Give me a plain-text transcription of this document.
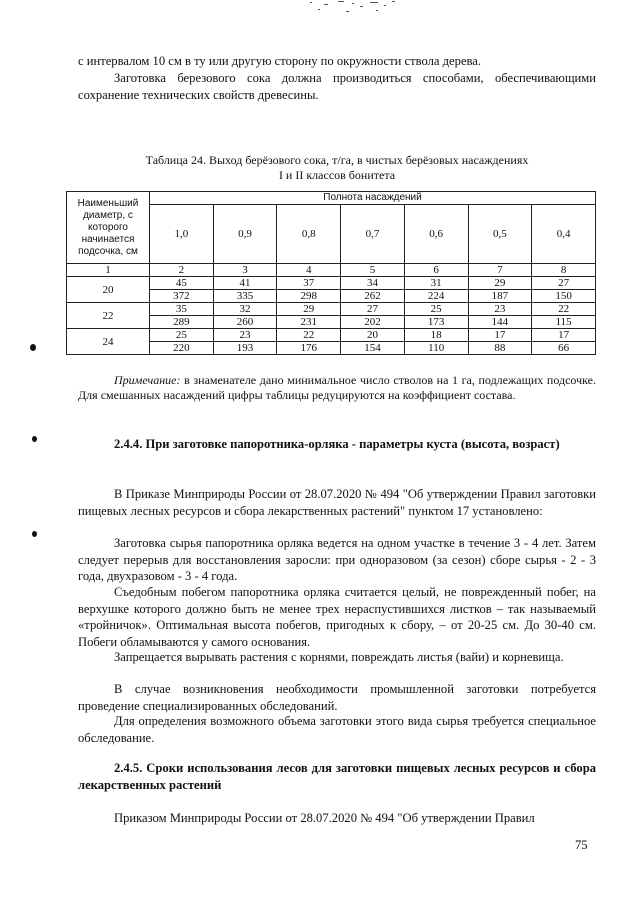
с интервалом 10 см в ту или другую сторону по окружности ствола дерева.
Заготовка березового сока должна производиться способами, обеспечивающими сохранение технических свойств древесины.
Таблица 24. Выход берёзового сока, т/га, в чистых берёзовых насаждениях
I и II классов бонитета
Наименьший диаметр, с которого начинается подсочка, см	Полнота насаждений						
	1,0	0,9	0,8	0,7	0,6	0,5	0,4
1	2	3	4	5	6	7	8
20	45	41	37	34	31	29	27
	372	335	298	262	224	187	150
22	35	32	29	27	25	23	22
	289	260	231	202	173	144	115
24	25	23	22	20	18	17	17
	220	193	176	154	110	88	66
Примечание: в знаменателе дано минимальное число стволов на 1 га, подлежащих подсочке. Для смешанных насаждений цифры таблицы редуцируются на коэффициент состава.
2.4.4. При заготовке папоротника-орляка - параметры куста (высота, возраст)
В Приказе Минприроды России от 28.07.2020 № 494 "Об утверждении Правил заготовки пищевых лесных ресурсов и сбора лекарственных растений" пунктом 17 установлено:
Заготовка сырья папоротника орляка ведется на одном участке в течение 3 - 4 лет. Затем следует перерыв для восстановления заросли: при одноразовом (за сезон) сборе сырья - 2 - 3 года, двухразовом - 3 - 4 года.
Съедобным побегом папоротника орляка считается целый, не поврежденный побег, на верхушке которого должно быть не менее трех нераспустившихся листков – так называемый «тройничок». Оптимальная высота побегов, пригодных к сбору, – от 20-25 см. До 30-40 см. Побеги обламываются у самого основания.
Запрещается вырывать растения с корнями, повреждать листья (вайи) и корневища.
В случае возникновения необходимости промышленной заготовки потребуется проведение специализированных обследований.
Для определения возможного объема заготовки этого вида сырья требуется специальное обследование.
2.4.5. Сроки использования лесов для заготовки пищевых лесных ресурсов и сбора лекарственных растений
Приказом Минприроды России от 28.07.2020 № 494 "Об утверждении Правил
75
